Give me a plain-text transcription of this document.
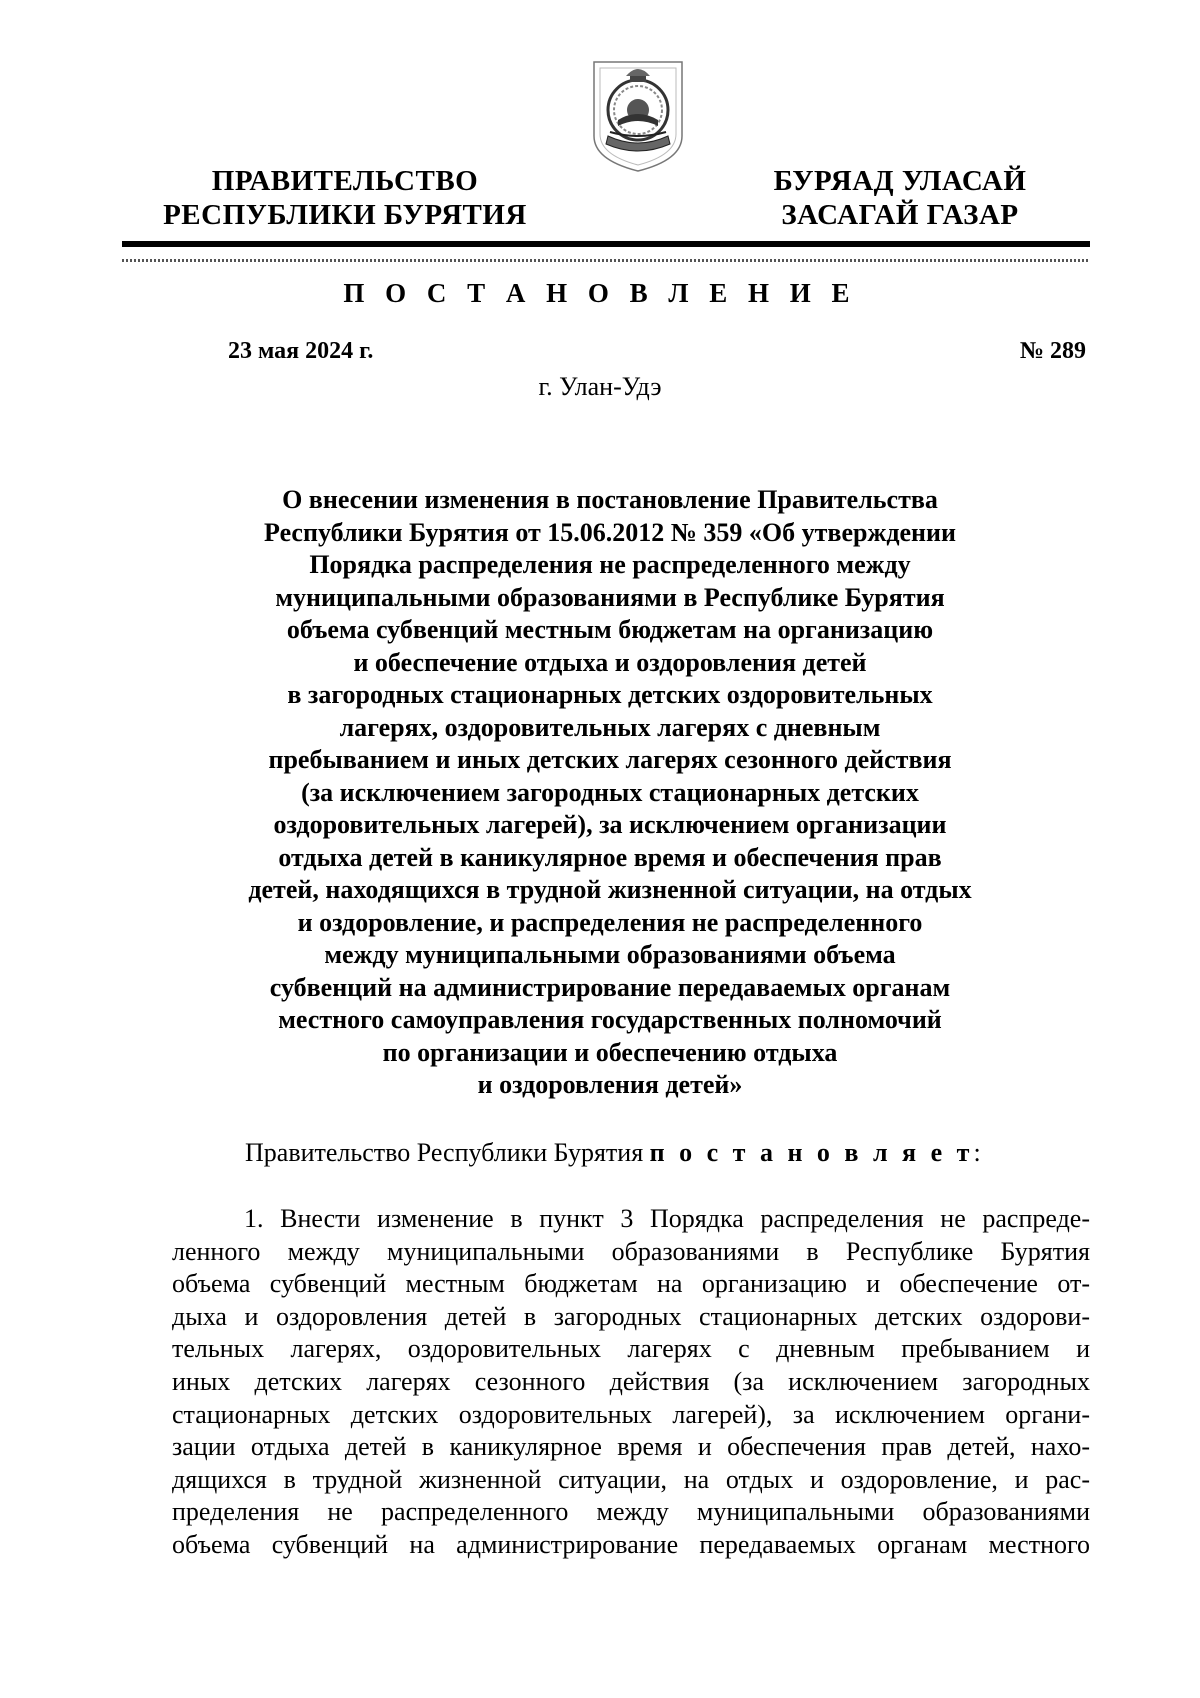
ПРАВИТЕЛЬСТВО
РЕСПУБЛИКИ БУРЯТИЯ
БУРЯАД УЛАСАЙ
ЗАСАГАЙ ГАЗАР
П О С Т А Н О В Л Е Н И Е
23 мая 2024 г.	№ 289
г. Улан-Удэ
О внесении изменения в постановление Правительства
Республики Бурятия от 15.06.2012 № 359 «Об утверждении
Порядка распределения не распределенного между
муниципальными образованиями в Республике Бурятия
объема субвенций местным бюджетам на организацию
и обеспечение отдыха и оздоровления детей
в загородных стационарных детских оздоровительных
лагерях, оздоровительных лагерях с дневным
пребыванием и иных детских лагерях сезонного действия
(за исключением загородных стационарных детских
оздоровительных лагерей), за исключением организации
отдыха детей в каникулярное время и обеспечения прав
детей, находящихся в трудной жизненной ситуации, на отдых
и оздоровление, и распределения не распределенного
между муниципальными образованиями объема
субвенций на администрирование передаваемых органам
местного самоуправления государственных полномочий
по организации и обеспечению отдыха
и оздоровления детей»
Правительство Республики Бурятия п о с т а н о в л я е т:
1. Внести изменение в пункт 3 Порядка распределения не распреде-
ленного между муниципальными образованиями в Республике Бурятия
объема субвенций местным бюджетам на организацию и обеспечение от-
дыха и оздоровления детей в загородных стационарных детских оздорови-
тельных лагерях, оздоровительных лагерях с дневным пребыванием и
иных детских лагерях сезонного действия (за исключением загородных
стационарных детских оздоровительных лагерей), за исключением органи-
зации отдыха детей в каникулярное время и обеспечения прав детей, нахо-
дящихся в трудной жизненной ситуации, на отдых и оздоровление, и рас-
пределения не распределенного между муниципальными образованиями
объема субвенций на администрирование передаваемых органам местного
